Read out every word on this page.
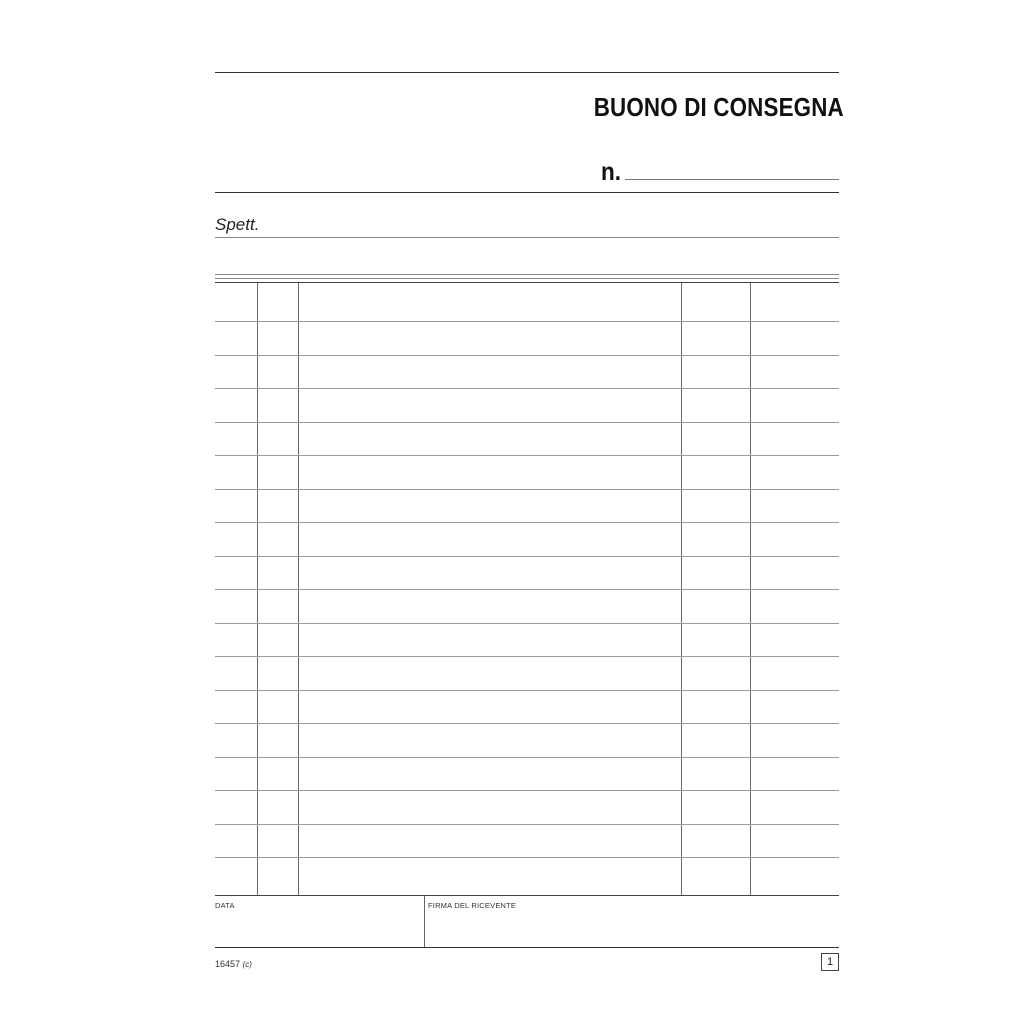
BUONO DI CONSEGNA
n.
Spett.
DATA	FIRMA DEL RICEVENTE
16457 (c)	1
